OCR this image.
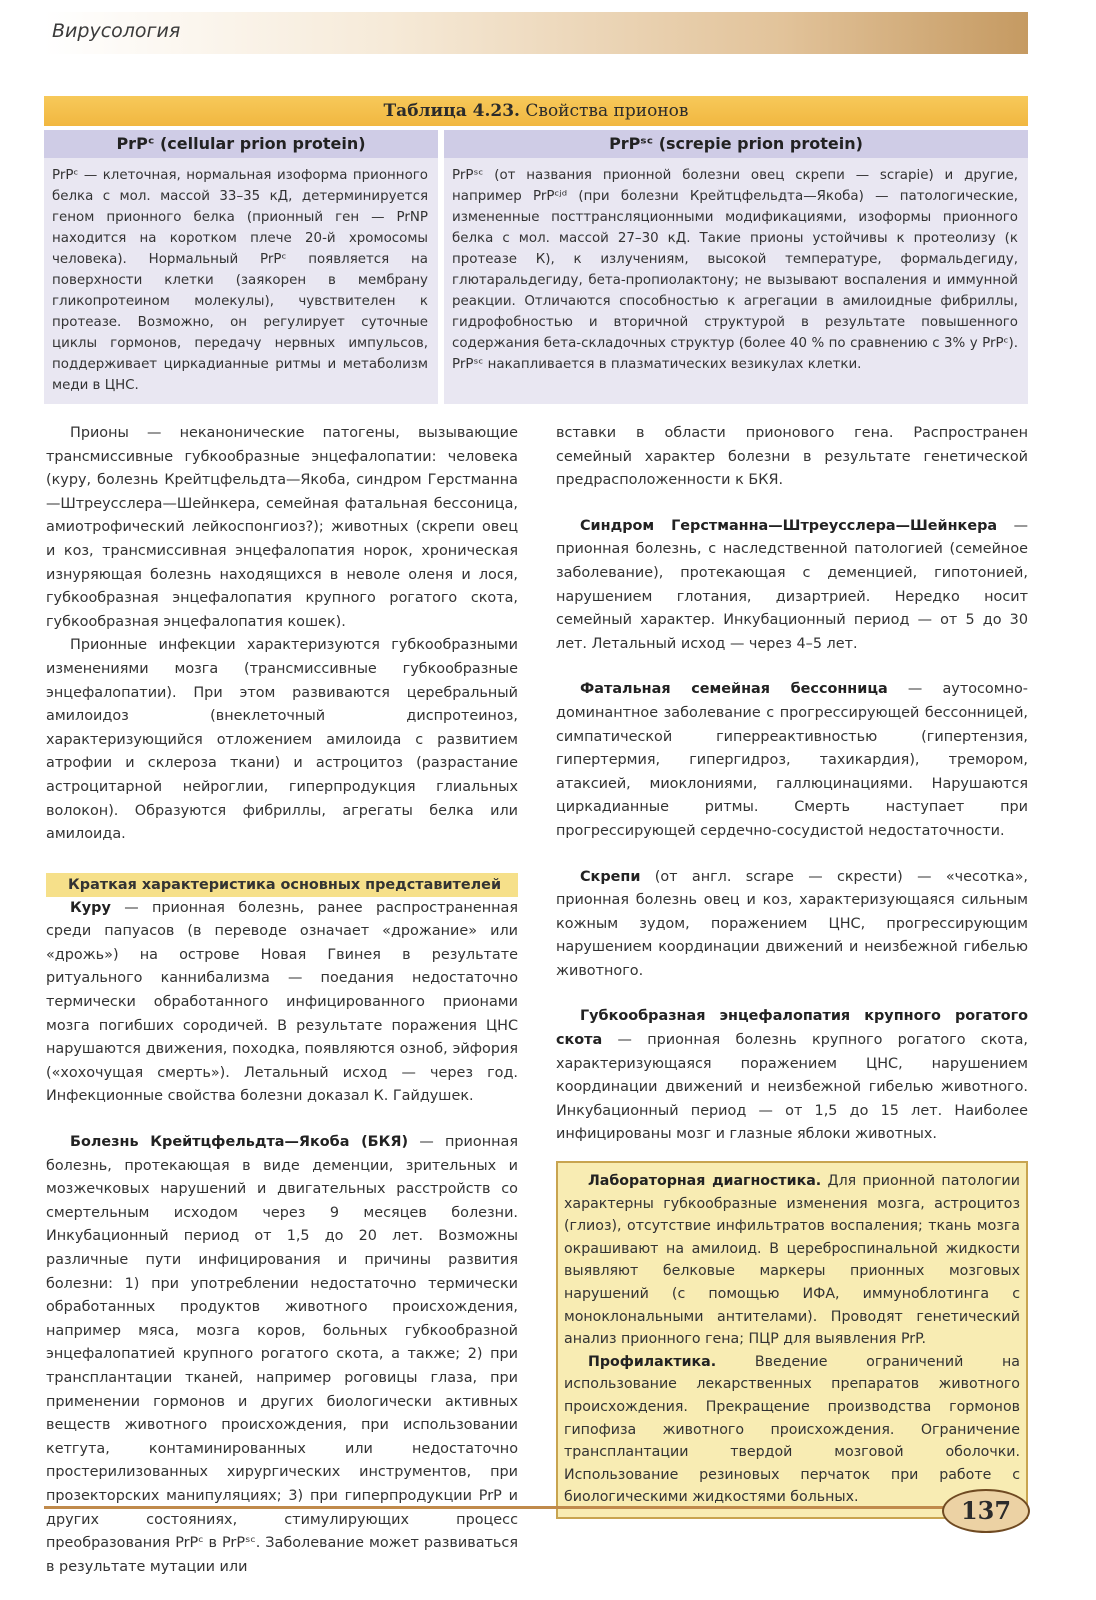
Вирусология
Таблица 4.23. Свойства прионов
PrPᶜ (cellular prion protein)
PrPᶜ — клеточная, нормальная изоформа прионного белка с мол. массой 33–35 кД, детерминируется геном прионного белка (прионный ген — PrNP находится на коротком плече 20-й хромосомы человека). Нормальный PrPᶜ появляется на поверхности клетки (заякорен в мембрану гликопротеином молекулы), чувствителен к протеазе. Возможно, он регулирует суточные циклы гормонов, передачу нервных импульсов, поддерживает циркадианные ритмы и метаболизм меди в ЦНС.
PrPˢᶜ (screpie prion protein)
PrPˢᶜ (от названия прионной болезни овец скрепи — scrapie) и другие, например PrPᶜʲᵈ (при болезни Крейтцфельдта—Якоба) — патологические, измененные посттрансляционными модификациями, изоформы прионного белка с мол. массой 27–30 кД. Такие прионы устойчивы к протеолизу (к протеазе К), к излучениям, высокой температуре, формальдегиду, глютаральдегиду, бета-пропиолактону; не вызывают воспаления и иммунной реакции. Отличаются способностью к агрегации в амилоидные фибриллы, гидрофобностью и вторичной структурой в результате повышенного содержания бета-складочных структур (более 40 % по сравнению с 3% у PrPᶜ). PrPˢᶜ накапливается в плазматических везикулах клетки.

Прионы — неканонические патогены, вызывающие трансмиссивные губкообразные энцефалопатии: человека (куру, болезнь Крейтцфельдта—Якоба, синдром Герстманна—Штреусслера—Шейнкера, семейная фатальная бессоница, амиотрофический лейкоспонгиоз?); животных (скрепи овец и коз, трансмиссивная энцефалопатия норок, хроническая изнуряющая болезнь находящихся в неволе оленя и лося, губкообразная энцефалопатия крупного рогатого скота, губкообразная энцефалопатия кошек).

Прионные инфекции характеризуются губкообразными изменениями мозга (трансмиссивные губкообразные энцефалопатии). При этом развиваются церебральный амилоидоз (внеклеточный диспротеиноз, характеризующийся отложением амилоида с развитием атрофии и склероза ткани) и астроцитоз (разрастание астроцитарной нейроглии, гиперпродукция глиальных волокон). Образуются фибриллы, агрегаты белка или амилоида.

Краткая характеристика основных представителей

Куру — прионная болезнь, ранее распространенная среди папуасов (в переводе означает «дрожание» или «дрожь») на острове Новая Гвинея в результате ритуального каннибализма — поедания недостаточно термически обработанного инфицированного прионами мозга погибших сородичей. В результате поражения ЦНС нарушаются движения, походка, появляются озноб, эйфория («хохочущая смерть»). Летальный исход — через год. Инфекционные свойства болезни доказал К. Гайдушек.

Болезнь Крейтцфельдта—Якоба (БКЯ) — прионная болезнь, протекающая в виде деменции, зрительных и мозжечковых нарушений и двигательных расстройств со смертельным исходом через 9 месяцев болезни. Инкубационный период от 1,5 до 20 лет. Возможны различные пути инфицирования и причины развития болезни: 1) при употреблении недостаточно термически обработанных продуктов животного происхождения, например мяса, мозга коров, больных губкообразной энцефалопатией крупного рогатого скота, а также; 2) при трансплантации тканей, например роговицы глаза, при применении гормонов и других биологически активных веществ животного происхождения, при использовании кетгута, контаминированных или недостаточно простерилизованных хирургических инструментов, при прозекторских манипуляциях; 3) при гиперпродукции PrP и других состояниях, стимулирующих процесс преобразования PrPᶜ в PrPˢᶜ. Заболевание может развиваться в результате мутации или

вставки в области прионового гена. Распространен семейный характер болезни в результате генетической предрасположенности к БКЯ.

Синдром Герстманна—Штреусслера—Шейнкера — прионная болезнь, с наследственной патологией (семейное заболевание), протекающая с деменцией, гипотонией, нарушением глотания, дизартрией. Нередко носит семейный характер. Инкубационный период — от 5 до 30 лет. Летальный исход — через 4–5 лет.

Фатальная семейная бессонница — аутосомно-доминантное заболевание с прогрессирующей бессонницей, симпатической гиперреактивностью (гипертензия, гипертермия, гипергидроз, тахикардия), тремором, атаксией, миоклониями, галлюцинациями. Нарушаются циркадианные ритмы. Смерть наступает при прогрессирующей сердечно-сосудистой недостаточности.

Скрепи (от англ. scrape — скрести) — «чесотка», прионная болезнь овец и коз, характеризующаяся сильным кожным зудом, поражением ЦНС, прогрессирующим нарушением координации движений и неизбежной гибелью животного.

Губкообразная энцефалопатия крупного рогатого скота — прионная болезнь крупного рогатого скота, характеризующаяся поражением ЦНС, нарушением координации движений и неизбежной гибелью животного. Инкубационный период — от 1,5 до 15 лет. Наиболее инфицированы мозг и глазные яблоки животных.

Лабораторная диагностика. Для прионной патологии характерны губкообразные изменения мозга, астроцитоз (глиоз), отсутствие инфильтратов воспаления; ткань мозга окрашивают на амилоид. В цереброспинальной жидкости выявляют белковые маркеры прионных мозговых нарушений (с помощью ИФА, иммуноблотинга с моноклональными антителами). Проводят генетический анализ прионного гена; ПЦР для выявления PrP.

Профилактика. Введение ограничений на использование лекарственных препаратов животного происхождения. Прекращение производства гормонов гипофиза животного происхождения. Ограничение трансплантации твердой мозговой оболочки. Использование резиновых перчаток при работе с биологическими жидкостями больных.	137
